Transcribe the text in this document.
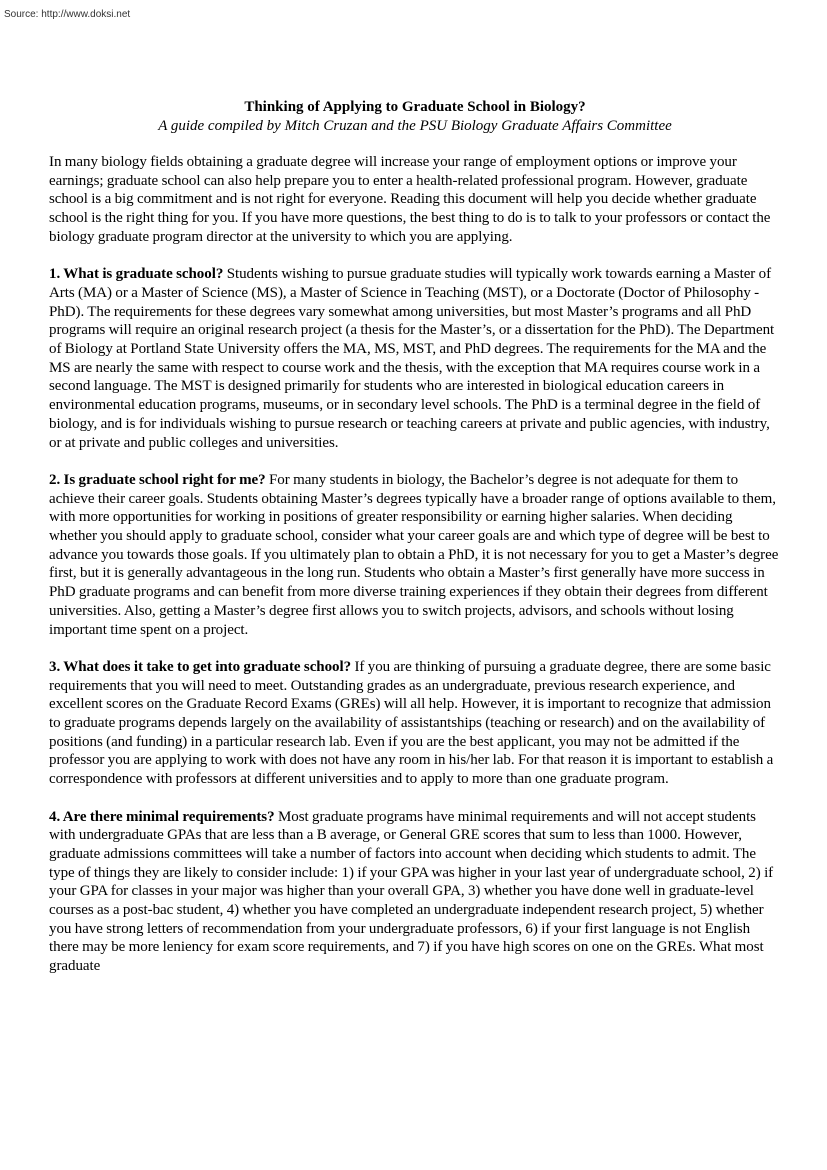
Source: http://www.doksi.net
Thinking of Applying to Graduate School in Biology?
A guide compiled by Mitch Cruzan and the PSU Biology Graduate Affairs Committee

In many biology fields obtaining a graduate degree will increase your range of employment options or improve your earnings; graduate school can also help prepare you to enter a health-related professional program. However, graduate school is a big commitment and is not right for everyone. Reading this document will help you decide whether graduate school is the right thing for you. If you have more questions, the best thing to do is to talk to your professors or contact the biology graduate program director at the university to which you are applying.

1. What is graduate school? Students wishing to pursue graduate studies will typically work towards earning a Master of Arts (MA) or a Master of Science (MS), a Master of Science in Teaching (MST), or a Doctorate (Doctor of Philosophy - PhD). The requirements for these degrees vary somewhat among universities, but most Master’s programs and all PhD programs will require an original research project (a thesis for the Master’s, or a dissertation for the PhD). The Department of Biology at Portland State University offers the MA, MS, MST, and PhD degrees. The requirements for the MA and the MS are nearly the same with respect to course work and the thesis, with the exception that MA requires course work in a second language. The MST is designed primarily for students who are interested in biological education careers in environmental education programs, museums, or in secondary level schools. The PhD is a terminal degree in the field of biology, and is for individuals wishing to pursue research or teaching careers at private and public agencies, with industry, or at private and public colleges and universities.

2. Is graduate school right for me? For many students in biology, the Bachelor’s degree is not adequate for them to achieve their career goals. Students obtaining Master’s degrees typically have a broader range of options available to them, with more opportunities for working in positions of greater responsibility or earning higher salaries. When deciding whether you should apply to graduate school, consider what your career goals are and which type of degree will be best to advance you towards those goals. If you ultimately plan to obtain a PhD, it is not necessary for you to get a Master’s degree first, but it is generally advantageous in the long run. Students who obtain a Master’s first generally have more success in PhD graduate programs and can benefit from more diverse training experiences if they obtain their degrees from different universities. Also, getting a Master’s degree first allows you to switch projects, advisors, and schools without losing important time spent on a project.

3. What does it take to get into graduate school? If you are thinking of pursuing a graduate degree, there are some basic requirements that you will need to meet. Outstanding grades as an undergraduate, previous research experience, and excellent scores on the Graduate Record Exams (GREs) will all help. However, it is important to recognize that admission to graduate programs depends largely on the availability of assistantships (teaching or research) and on the availability of positions (and funding) in a particular research lab. Even if you are the best applicant, you may not be admitted if the professor you are applying to work with does not have any room in his/her lab. For that reason it is important to establish a correspondence with professors at different universities and to apply to more than one graduate program.

4. Are there minimal requirements? Most graduate programs have minimal requirements and will not accept students with undergraduate GPAs that are less than a B average, or General GRE scores that sum to less than 1000. However, graduate admissions committees will take a number of factors into account when deciding which students to admit. The type of things they are likely to consider include: 1) if your GPA was higher in your last year of undergraduate school, 2) if your GPA for classes in your major was higher than your overall GPA, 3) whether you have done well in graduate-level courses as a post-bac student, 4) whether you have completed an undergraduate independent research project, 5) whether you have strong letters of recommendation from your undergraduate professors, 6) if your first language is not English there may be more leniency for exam score requirements, and 7) if you have high scores on one on the GREs. What most graduate
